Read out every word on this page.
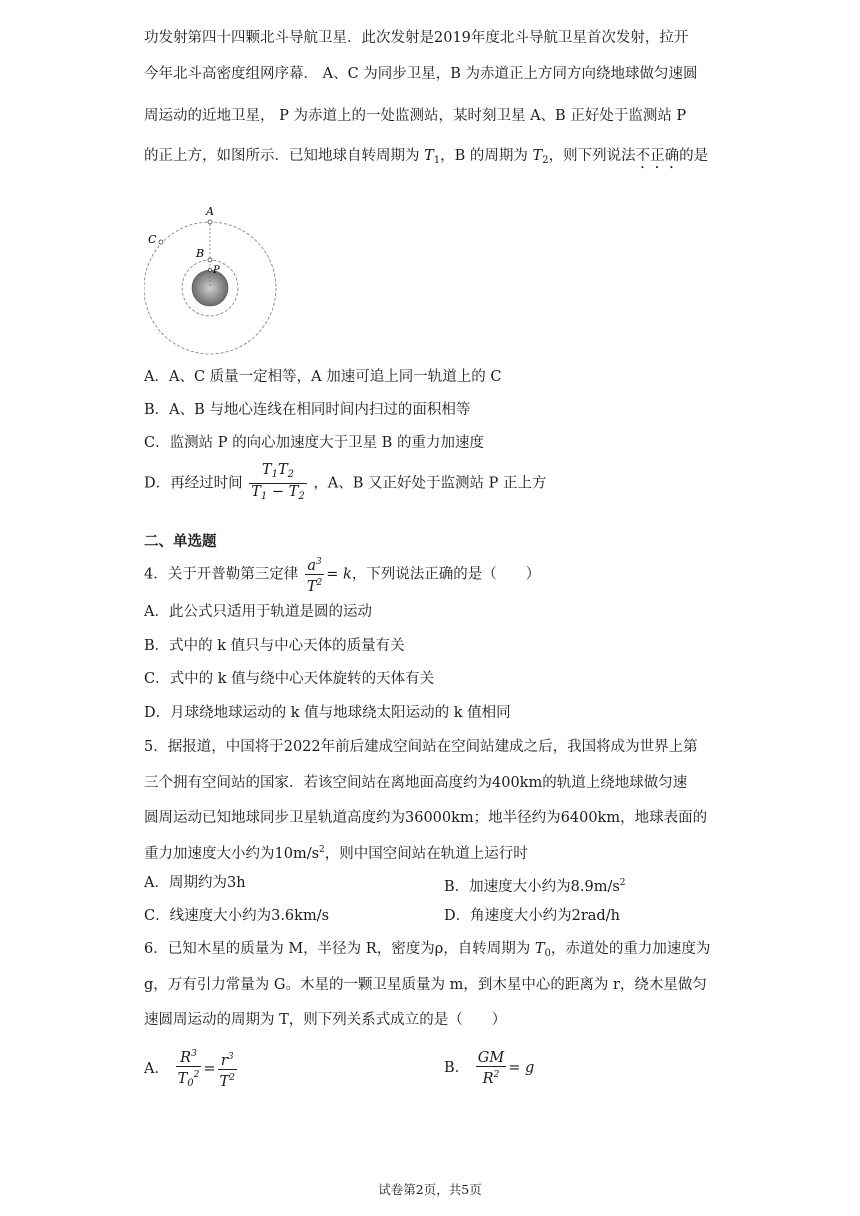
功发射第四十四颗北斗导航卫星．此次发射是2019年度北斗导航卫星首次发射，拉开
今年北斗高密度组网序幕． A、C 为同步卫星，B 为赤道正上方同方向绕地球做匀速圆
周运动的近地卫星， P 为赤道上的一处监测站，某时刻卫星 A、B 正好处于监测站 P
的正上方，如图所示．已知地球自转周期为 $T_1$，B 的周期为 $T_2$，则下列说法不正确的是
A
B
P
C
A．A、C 质量一定相等，A 加速可追上同一轨道上的 C
B．A、B 与地心连线在相同时间内扫过的面积相等
C．监测站 P 的向心加速度大于卫星 B 的重力加速度
D．再经过时间 $\frac{T_1T_2}{T_1 - T_2}$ ，A、B 又正好处于监测站 P 正上方
二、单选题
4．关于开普勒第三定律 $\frac{a^3}{T^2} = k$，下列说法正确的是（　　）
A．此公式只适用于轨道是圆的运动
B．式中的 k 值只与中心天体的质量有关
C．式中的 k 值与绕中心天体旋转的天体有关
D．月球绕地球运动的 k 值与地球绕太阳运动的 k 值相同
5．据报道，中国将于2022年前后建成空间站在空间站建成之后，我国将成为世界上第
三个拥有空间站的国家．若该空间站在离地面高度约为400km的轨道上绕地球做匀速
圆周运动已知地球同步卫星轨道高度约为36000km；地半径约为6400km，地球表面的
重力加速度大小约为$10m/s^2$，则中国空间站在轨道上运行时
A．周期约为3h	B．加速度大小约为$8.9m/s^2$
C．线速度大小约为3.6km/s	D．角速度大小约为2rad/h
6．已知木星的质量为 M，半径为 R，密度为ρ，自转周期为 $T_0$，赤道处的重力加速度为
g，万有引力常量为 G。木星的一颗卫星质量为 m，到木星中心的距离为 r，绕木星做匀
速圆周运动的周期为 T，则下列关系式成立的是（　　）
A． $\frac{R^3}{T_0^2} = \frac{r^3}{T^2}$	B． $\frac{GM}{R^2} = g$
试卷第2页，共5页
